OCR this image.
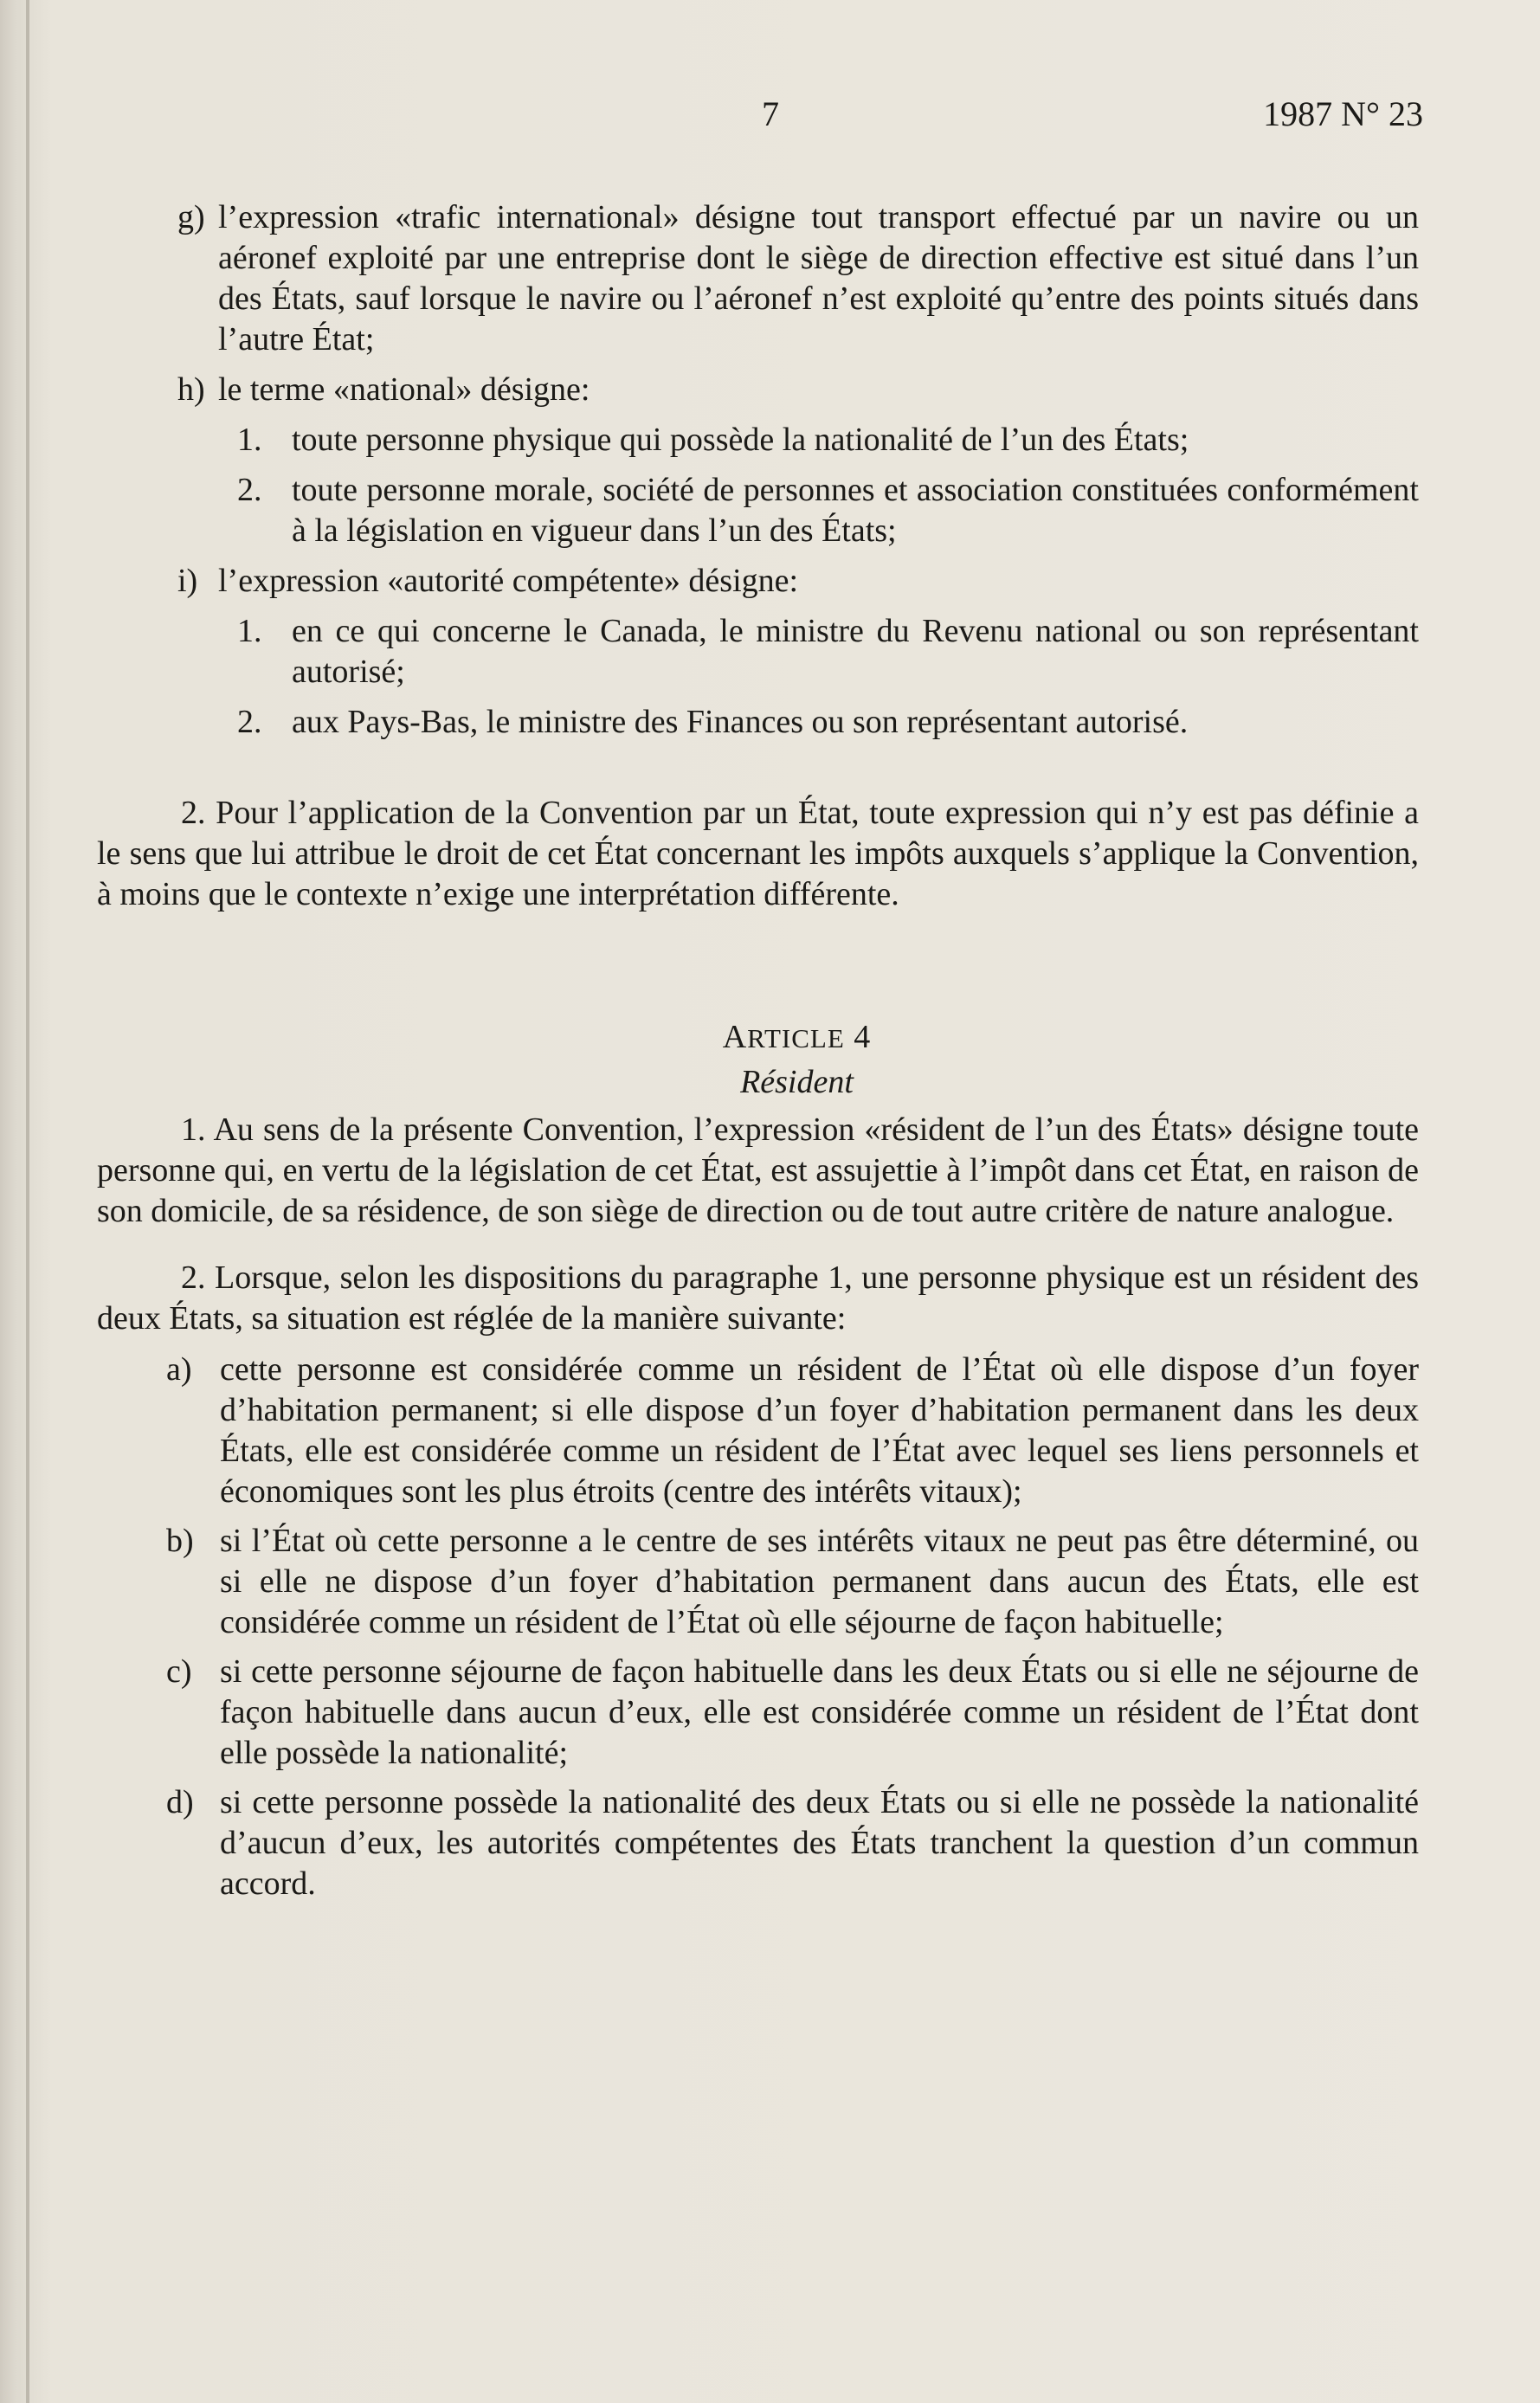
7	1987 N° 23
g) l’expression «trafic international» désigne tout transport effectué par un navire ou un aéronef exploité par une entreprise dont le siège de direction effective est situé dans l’un des États, sauf lorsque le navire ou l’aéronef n’est exploité qu’entre des points situés dans l’autre État;
h) le terme «national» désigne:
1. toute personne physique qui possède la nationalité de l’un des États;
2. toute personne morale, société de personnes et association constituées conformément à la législation en vigueur dans l’un des États;
i) l’expression «autorité compétente» désigne:
1. en ce qui concerne le Canada, le ministre du Revenu national ou son représentant autorisé;
2. aux Pays-Bas, le ministre des Finances ou son représentant autorisé.

2. Pour l’application de la Convention par un État, toute expression qui n’y est pas définie a le sens que lui attribue le droit de cet État concernant les impôts auxquels s’applique la Convention, à moins que le contexte n’exige une interprétation différente.

ARTICLE 4
Résident

1. Au sens de la présente Convention, l’expression «résident de l’un des États» désigne toute personne qui, en vertu de la législation de cet État, est assujettie à l’impôt dans cet État, en raison de son domicile, de sa résidence, de son siège de direction ou de tout autre critère de nature analogue.

2. Lorsque, selon les dispositions du paragraphe 1, une personne physique est un résident des deux États, sa situation est réglée de la manière suivante:

a) cette personne est considérée comme un résident de l’État où elle dispose d’un foyer d’habitation permanent; si elle dispose d’un foyer d’habitation permanent dans les deux États, elle est considérée comme un résident de l’État avec lequel ses liens personnels et économiques sont les plus étroits (centre des intérêts vitaux);
b) si l’État où cette personne a le centre de ses intérêts vitaux ne peut pas être déterminé, ou si elle ne dispose d’un foyer d’habitation permanent dans aucun des États, elle est considérée comme un résident de l’État où elle séjourne de façon habituelle;
c) si cette personne séjourne de façon habituelle dans les deux États ou si elle ne séjourne de façon habituelle dans aucun d’eux, elle est considérée comme un résident de l’État dont elle possède la nationalité;
d) si cette personne possède la nationalité des deux États ou si elle ne possède la nationalité d’aucun d’eux, les autorités compétentes des États tranchent la question d’un commun accord.
